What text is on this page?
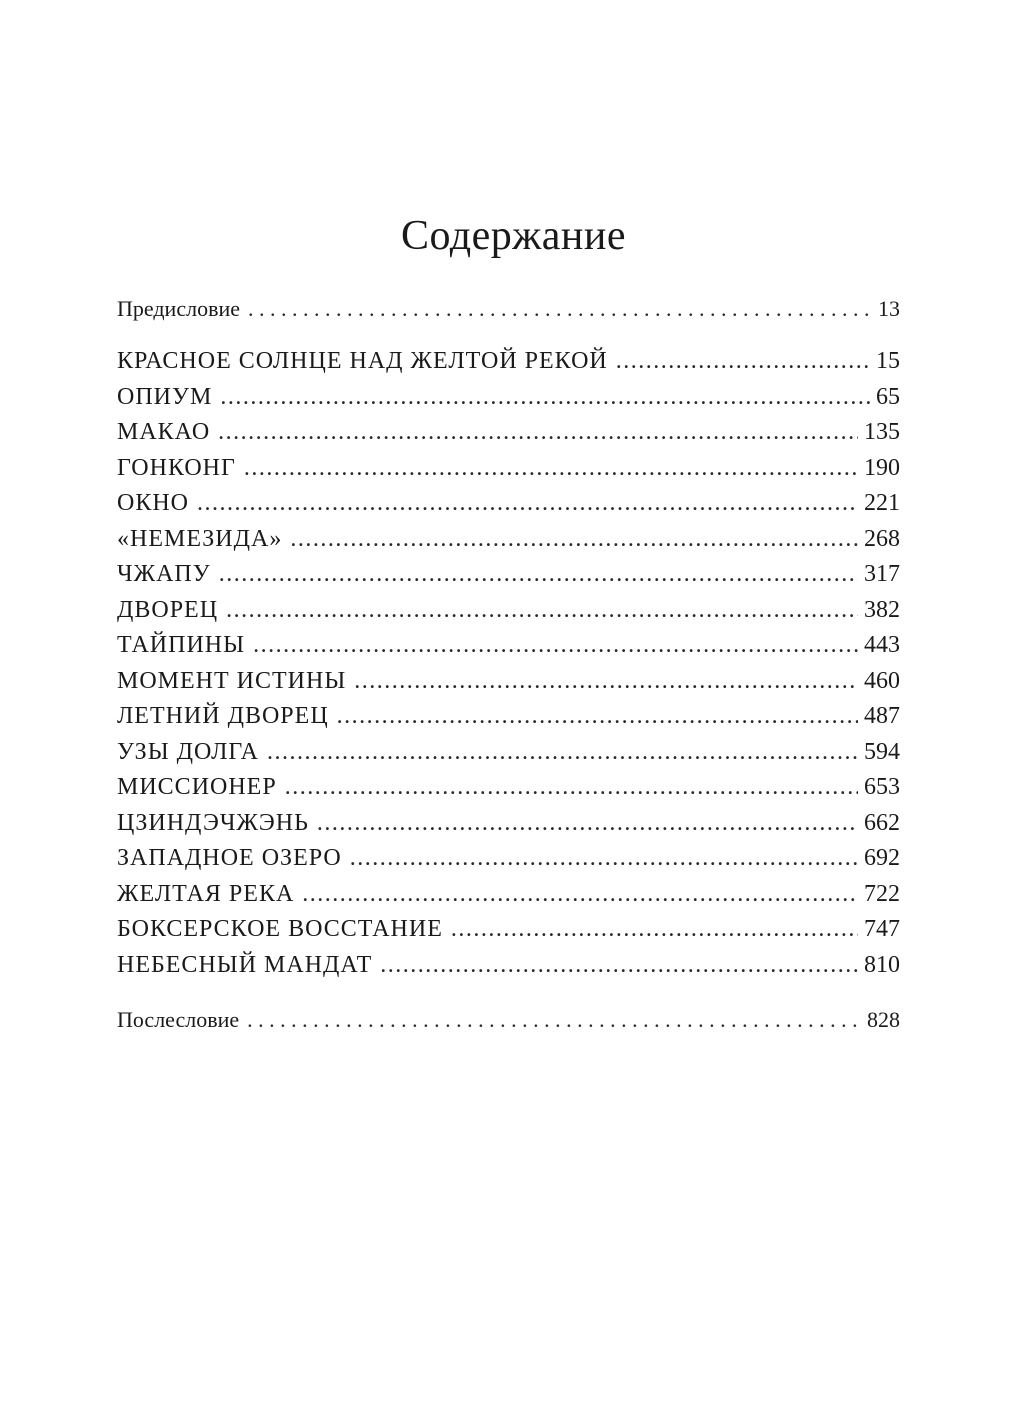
Содержание
Предисловие . . .	13
КРАСНОЕ СОЛНЦЕ НАД ЖЕЛТОЙ РЕКОЙ .....	15
ОПИУМ .....	65
МАКАО .....	135
ГОНКОНГ .....	190
ОКНО .....	221
«НЕМЕЗИДА» .....	268
ЧЖАПУ .....	317
ДВОРЕЦ .....	382
ТАЙПИНЫ .....	443
МОМЕНТ ИСТИНЫ .....	460
ЛЕТНИЙ ДВОРЕЦ .....	487
УЗЫ ДОЛГА .....	594
МИССИОНЕР .....	653
ЦЗИНДЭЧЖЭНЬ .....	662
ЗАПАДНОЕ ОЗЕРО .....	692
ЖЕЛТАЯ РЕКА .....	722
БОКСЕРСКОЕ ВОССТАНИЕ .....	747
НЕБЕСНЫЙ МАНДАТ .....	810
Послесловие . . .	828
